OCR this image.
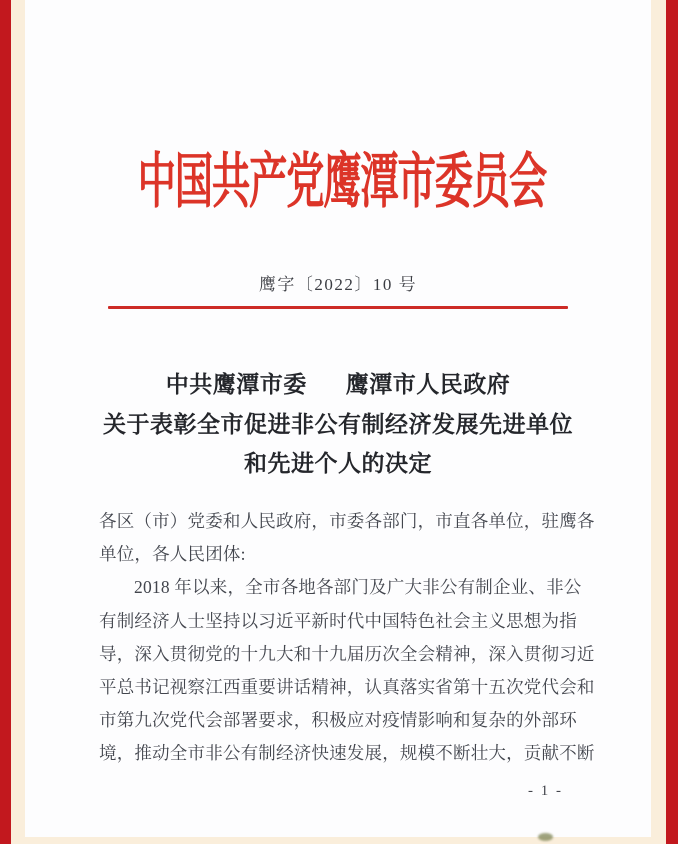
中国共产党鹰潭市委员会
鹰字〔2022〕10 号
中共鹰潭市委 鹰潭市人民政府
关于表彰全市促进非公有制经济发展先进单位
和先进个人的决定
各区（市）党委和人民政府，市委各部门，市直各单位，驻鹰各
单位，各人民团体:
2018 年以来，全市各地各部门及广大非公有制企业、非公
有制经济人士坚持以习近平新时代中国特色社会主义思想为指
导，深入贯彻党的十九大和十九届历次全会精神，深入贯彻习近
平总书记视察江西重要讲话精神，认真落实省第十五次党代会和
市第九次党代会部署要求，积极应对疫情影响和复杂的外部环
境，推动全市非公有制经济快速发展，规模不断壮大，贡献不断
- 1 -
